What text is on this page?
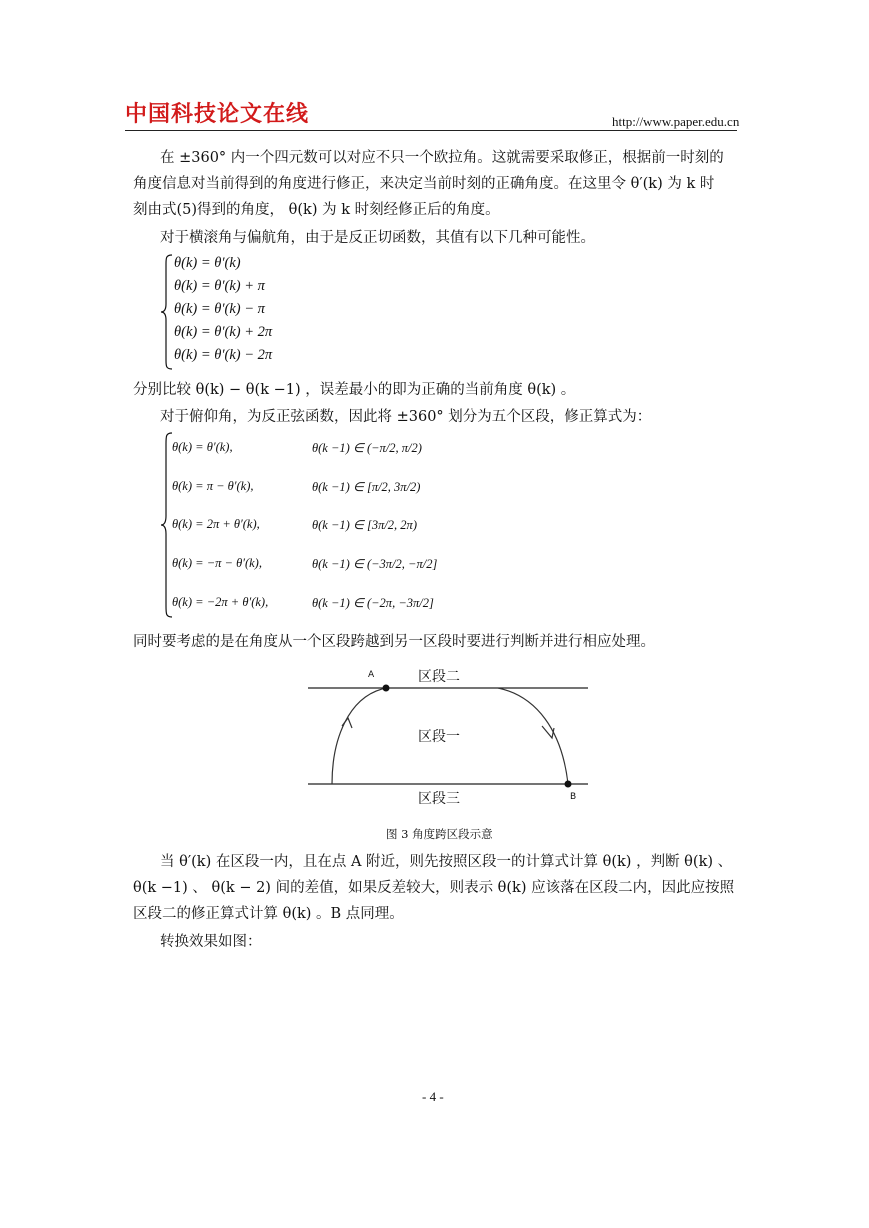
中国科技论文在线	http://www.paper.edu.cn
在 ±360° 内一个四元数可以对应不只一个欧拉角。这就需要采取修正，根据前一时刻的
角度信息对当前得到的角度进行修正，来决定当前时刻的正确角度。在这里令 θ′(k) 为 k 时
刻由式(5)得到的角度， θ(k) 为 k 时刻经修正后的角度。
对于横滚角与偏航角，由于是反正切函数，其值有以下几种可能性。
θ(k) = θ′(k)
θ(k) = θ′(k) + π
θ(k) = θ′(k) − π
θ(k) = θ′(k) + 2π
θ(k) = θ′(k) − 2π
分别比较 θ(k) − θ(k −1) ，误差最小的即为正确的当前角度 θ(k) 。
对于俯仰角，为反正弦函数，因此将 ±360° 划分为五个区段，修正算式为：
θ(k) = θ′(k),	θ(k −1) ∈ (−π/2, π/2)
θ(k) = π − θ′(k),	θ(k −1) ∈ [π/2, 3π/2)
θ(k) = 2π + θ′(k),	θ(k −1) ∈ [3π/2, 2π)
θ(k) = −π − θ′(k),	θ(k −1) ∈ (−3π/2, −π/2]
θ(k) = −2π + θ′(k),	θ(k −1) ∈ (−2π, −3π/2]
同时要考虑的是在角度从一个区段跨越到另一区段时要进行判断并进行相应处理。
A
B
区段二
区段一
区段三
图 3 角度跨区段示意
当 θ′(k) 在区段一内，且在点 A 附近，则先按照区段一的计算式计算 θ(k) ，判断 θ(k) 、
θ(k −1) 、 θ(k − 2) 间的差值，如果反差较大，则表示 θ(k) 应该落在区段二内，因此应按照
区段二的修正算式计算 θ(k) 。B 点同理。
转换效果如图：
- 4 -
